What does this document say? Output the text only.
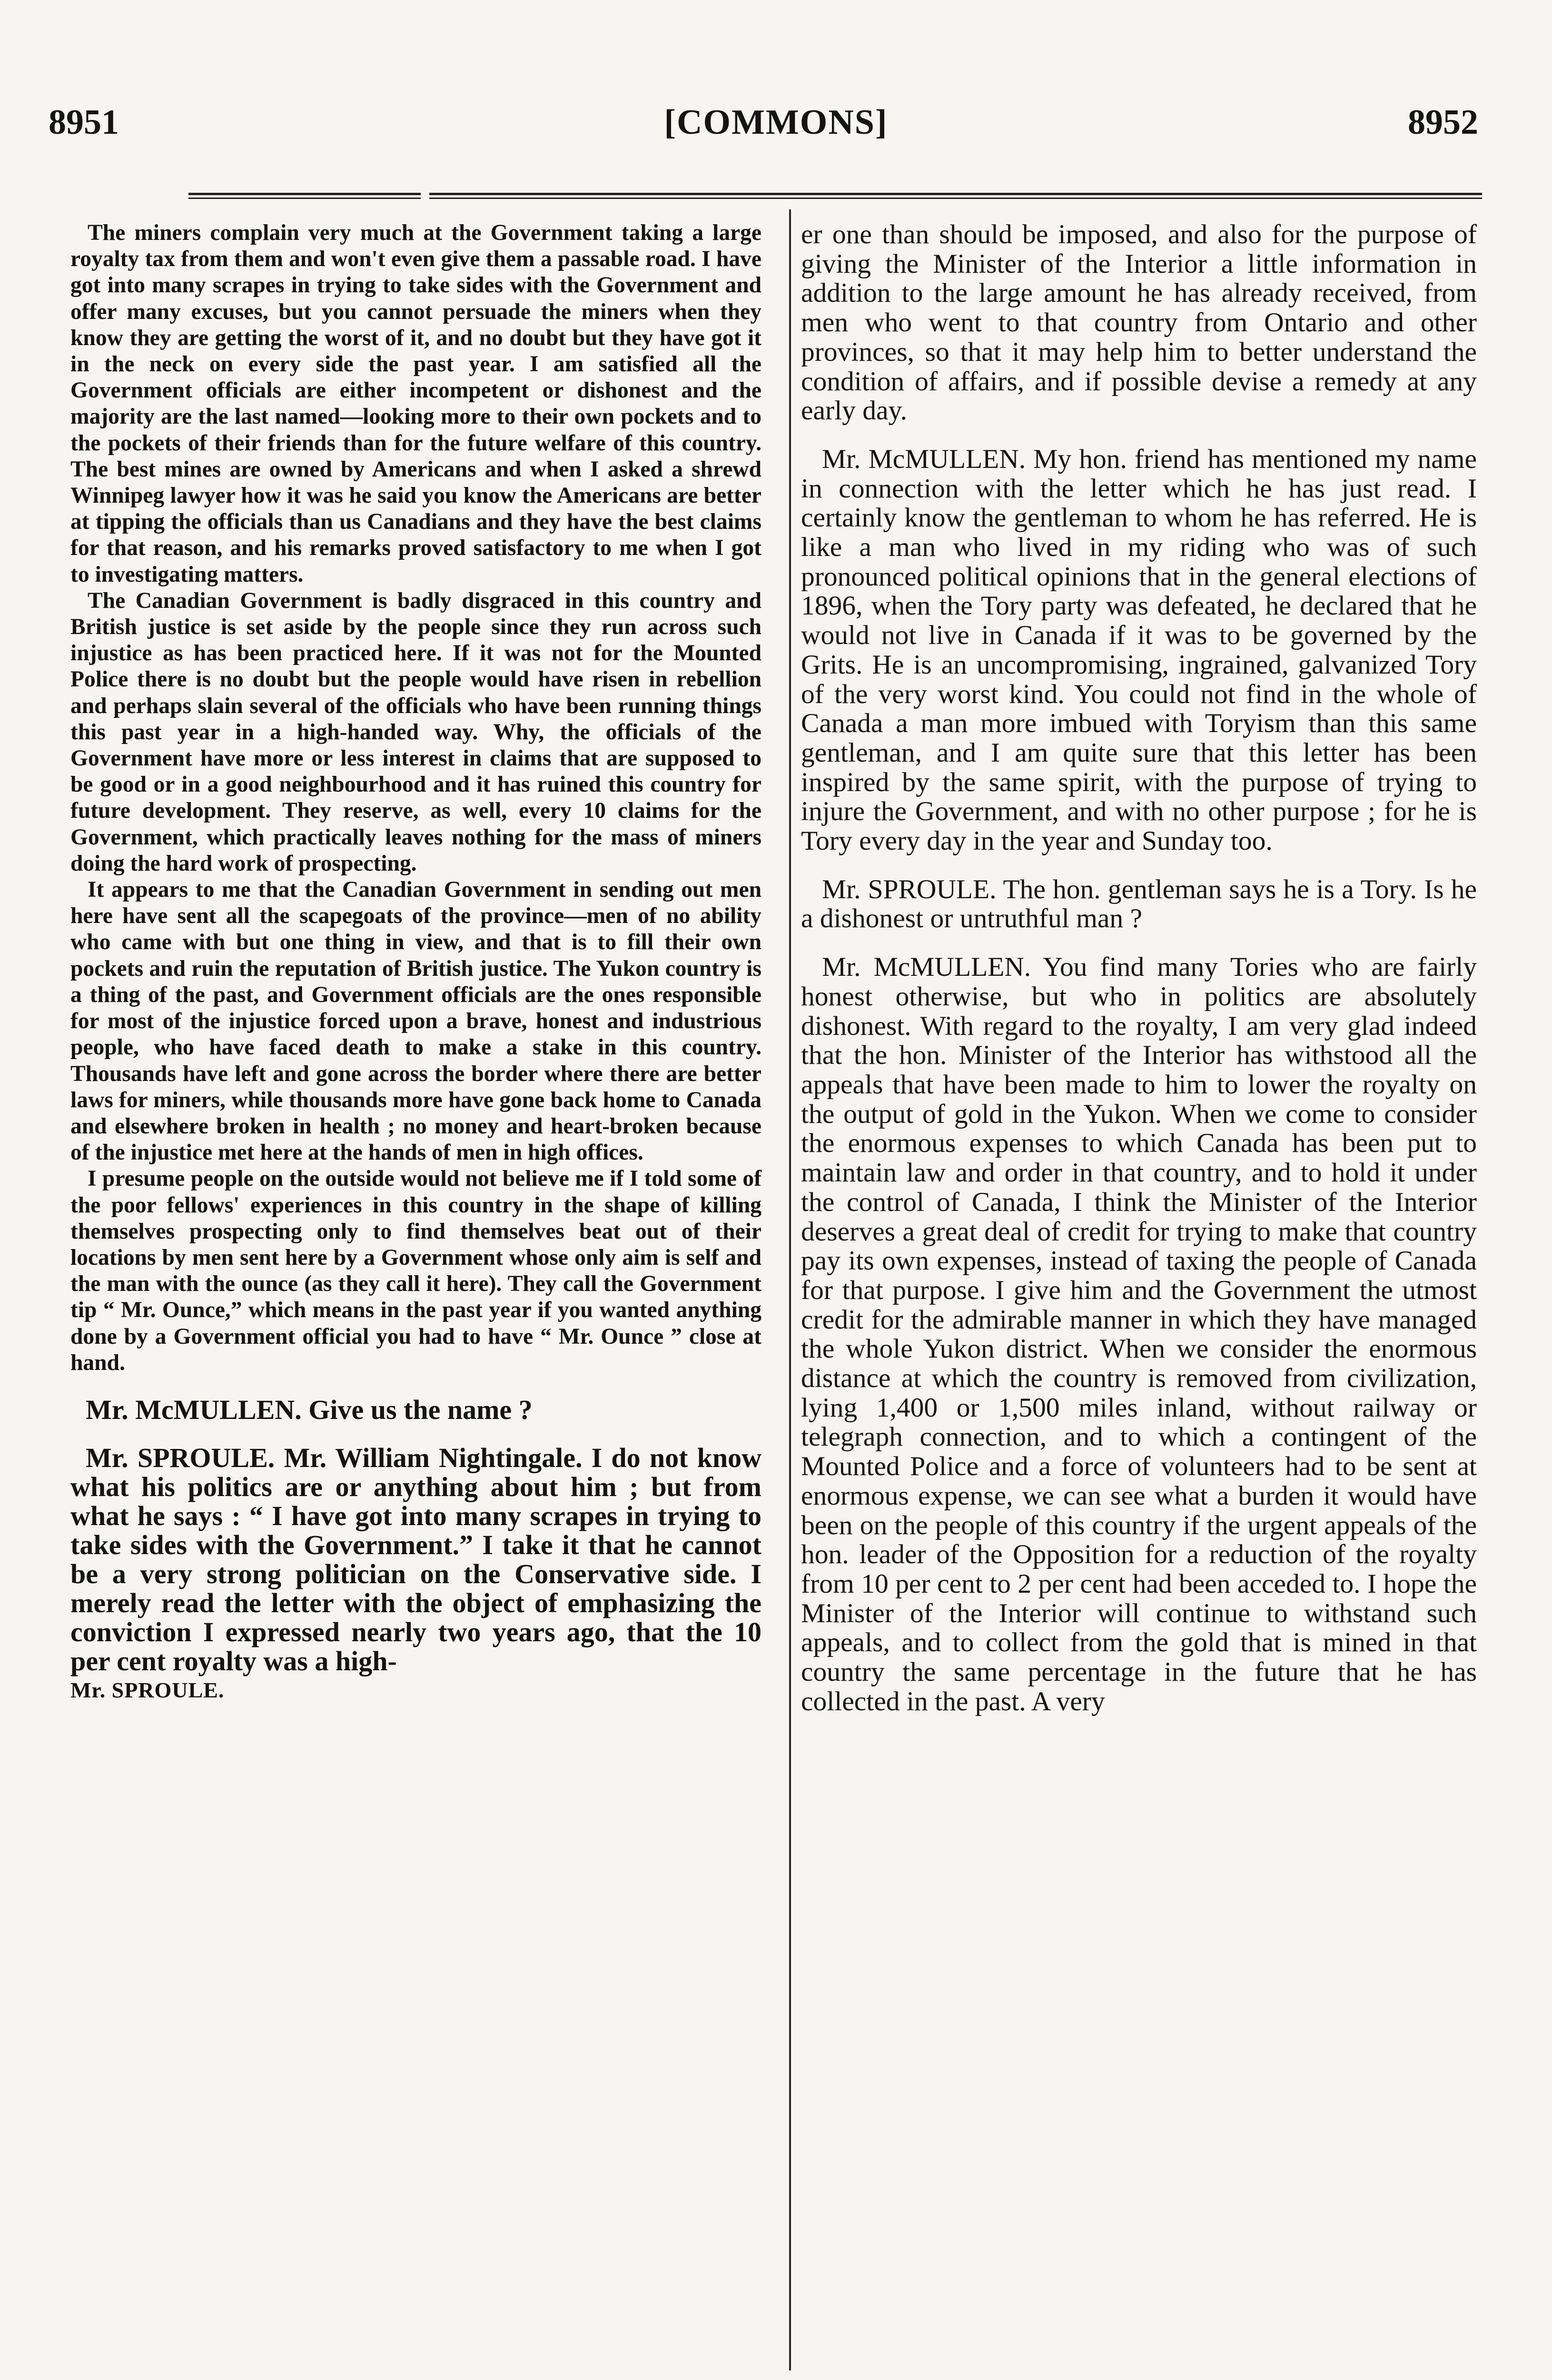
[COMMONS]
8951	8952

The miners complain very much at the Government taking a large royalty tax from them and won't even give them a passable road. I have got into many scrapes in trying to take sides with the Government and offer many excuses, but you cannot persuade the miners when they know they are getting the worst of it, and no doubt but they have got it in the neck on every side the past year. I am satisfied all the Government officials are either incompetent or dishonest and the majority are the last named—looking more to their own pockets and to the pockets of their friends than for the future welfare of this country. The best mines are owned by Americans and when I asked a shrewd Winnipeg lawyer how it was he said you know the Americans are better at tipping the officials than us Canadians and they have the best claims for that reason, and his remarks proved satisfactory to me when I got to investigating matters.

The Canadian Government is badly disgraced in this country and British justice is set aside by the people since they run across such injustice as has been practiced here. If it was not for the Mounted Police there is no doubt but the people would have risen in rebellion and perhaps slain several of the officials who have been running things this past year in a high-handed way. Why, the officials of the Government have more or less interest in claims that are supposed to be good or in a good neighbourhood and it has ruined this country for future development. They reserve, as well, every 10 claims for the Government, which practically leaves nothing for the mass of miners doing the hard work of prospecting.

It appears to me that the Canadian Government in sending out men here have sent all the scapegoats of the province—men of no ability who came with but one thing in view, and that is to fill their own pockets and ruin the reputation of British justice. The Yukon country is a thing of the past, and Government officials are the ones responsible for most of the injustice forced upon a brave, honest and industrious people, who have faced death to make a stake in this country. Thousands have left and gone across the border where there are better laws for miners, while thousands more have gone back home to Canada and elsewhere broken in health ; no money and heart-broken because of the injustice met here at the hands of men in high offices.

I presume people on the outside would not believe me if I told some of the poor fellows' experiences in this country in the shape of killing themselves prospecting only to find themselves beat out of their locations by men sent here by a Government whose only aim is self and the man with the ounce (as they call it here). They call the Government tip “ Mr. Ounce,” which means in the past year if you wanted anything done by a Government official you had to have “ Mr. Ounce ” close at hand.

Mr. McMULLEN. Give us the name ?

Mr. SPROULE. Mr. William Nightingale. I do not know what his politics are or anything about him ; but from what he says : “ I have got into many scrapes in trying to take sides with the Government.” I take it that he cannot be a very strong politician on the Conservative side. I merely read the letter with the object of emphasizing the conviction I expressed nearly two years ago, that the 10 per cent royalty was a high-

Mr. SPROULE.

er one than should be imposed, and also for the purpose of giving the Minister of the Interior a little information in addition to the large amount he has already received, from men who went to that country from Ontario and other provinces, so that it may help him to better understand the condition of affairs, and if possible devise a remedy at any early day.

Mr. McMULLEN. My hon. friend has mentioned my name in connection with the letter which he has just read. I certainly know the gentleman to whom he has referred. He is like a man who lived in my riding who was of such pronounced political opinions that in the general elections of 1896, when the Tory party was defeated, he declared that he would not live in Canada if it was to be governed by the Grits. He is an uncompromising, ingrained, galvanized Tory of the very worst kind. You could not find in the whole of Canada a man more imbued with Toryism than this same gentleman, and I am quite sure that this letter has been inspired by the same spirit, with the purpose of trying to injure the Government, and with no other purpose ; for he is Tory every day in the year and Sunday too.

Mr. SPROULE. The hon. gentleman says he is a Tory. Is he a dishonest or untruthful man ?

Mr. McMULLEN. You find many Tories who are fairly honest otherwise, but who in politics are absolutely dishonest. With regard to the royalty, I am very glad indeed that the hon. Minister of the Interior has withstood all the appeals that have been made to him to lower the royalty on the output of gold in the Yukon. When we come to consider the enormous expenses to which Canada has been put to maintain law and order in that country, and to hold it under the control of Canada, I think the Minister of the Interior deserves a great deal of credit for trying to make that country pay its own expenses, instead of taxing the people of Canada for that purpose. I give him and the Government the utmost credit for the admirable manner in which they have managed the whole Yukon district. When we consider the enormous distance at which the country is removed from civilization, lying 1,400 or 1,500 miles inland, without railway or telegraph connection, and to which a contingent of the Mounted Police and a force of volunteers had to be sent at enormous expense, we can see what a burden it would have been on the people of this country if the urgent appeals of the hon. leader of the Opposition for a reduction of the royalty from 10 per cent to 2 per cent had been acceded to. I hope the Minister of the Interior will continue to withstand such appeals, and to collect from the gold that is mined in that country the same percentage in the future that he has collected in the past. A very
